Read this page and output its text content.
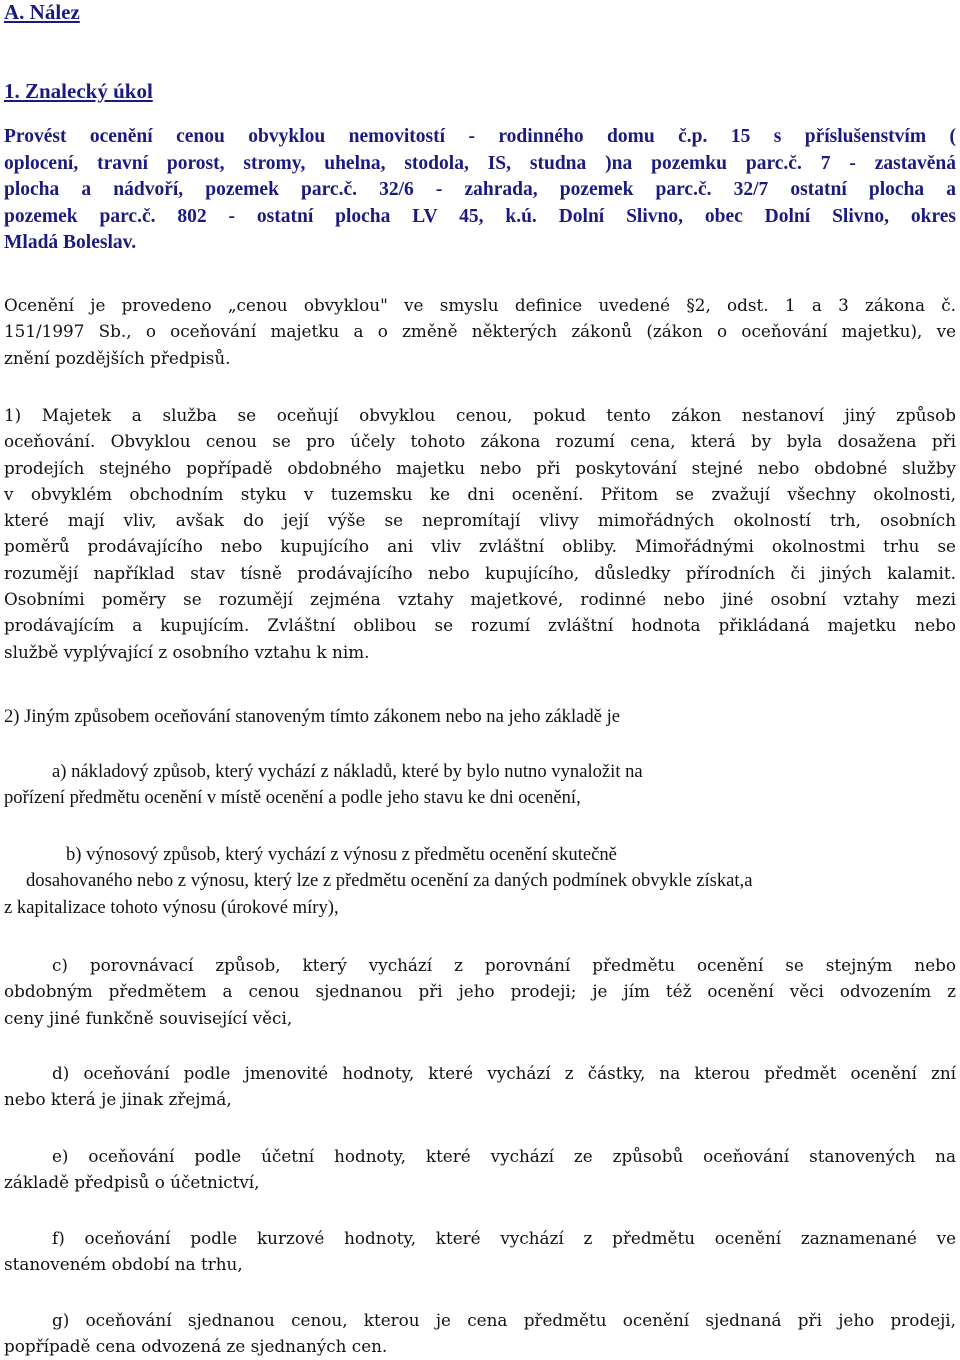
A. Nález
1. Znalecký úkol
Provést ocenění cenou obvyklou nemovitostí - rodinného domu č.p. 15 s příslušenstvím (
oplocení, travní porost, stromy, uhelna, stodola, IS, studna )na pozemku parc.č. 7 - zastavěná
plocha a nádvoří, pozemek parc.č. 32/6 - zahrada, pozemek parc.č. 32/7 ostatní plocha a
pozemek parc.č. 802 - ostatní plocha LV 45, k.ú. Dolní Slivno, obec Dolní Slivno, okres
Mladá Boleslav.
Ocenění je provedeno „cenou obvyklou" ve smyslu definice uvedené §2, odst. 1 a 3 zákona č.
151/1997 Sb., o oceňování majetku a o změně některých zákonů (zákon o oceňování majetku), ve
znění pozdějších předpisů.
1) Majetek a služba se oceňují obvyklou cenou, pokud tento zákon nestanoví jiný způsob
oceňování. Obvyklou cenou se pro účely tohoto zákona rozumí cena, která by byla dosažena při
prodejích stejného popřípadě obdobného majetku nebo při poskytování stejné nebo obdobné služby
v obvyklém obchodním styku v tuzemsku ke dni ocenění. Přitom se zvažují všechny okolnosti,
které mají vliv, avšak do její výše se nepromítají vlivy mimořádných okolností trh, osobních
poměrů prodávajícího nebo kupujícího ani vliv zvláštní obliby. Mimořádnými okolnostmi trhu se
rozumějí například stav tísně prodávajícího nebo kupujícího, důsledky přírodních či jiných kalamit.
Osobními poměry se rozumějí zejména vztahy majetkové, rodinné nebo jiné osobní vztahy mezi
prodávajícím a kupujícím. Zvláštní oblibou se rozumí zvláštní hodnota přikládaná majetku nebo
službě vyplývající z osobního vztahu k nim.
2) Jiným způsobem oceňování stanoveným tímto zákonem nebo na jeho základě je
a) nákladový způsob, který vychází z nákladů, které by bylo nutno vynaložit na
pořízení předmětu ocenění v místě ocenění a podle jeho stavu ke dni ocenění,
b) výnosový způsob, který vychází z výnosu z předmětu ocenění skutečně
dosahovaného nebo z výnosu, který lze z předmětu ocenění za daných podmínek obvykle získat,a
z kapitalizace tohoto výnosu (úrokové míry),
c) porovnávací způsob, který vychází z porovnání předmětu ocenění se stejným nebo
obdobným předmětem a cenou sjednanou při jeho prodeji; je jím též ocenění věci odvozením z
ceny jiné funkčně související věci,
d) oceňování podle jmenovité hodnoty, které vychází z částky, na kterou předmět ocenění zní
nebo která je jinak zřejmá,
e) oceňování podle účetní hodnoty, které vychází ze způsobů oceňování stanovených na
základě předpisů o účetnictví,
f) oceňování podle kurzové hodnoty, které vychází z předmětu ocenění zaznamenané ve
stanoveném období na trhu,
g) oceňování sjednanou cenou, kterou je cena předmětu ocenění sjednaná při jeho prodeji,
popřípadě cena odvozená ze sjednaných cen.
